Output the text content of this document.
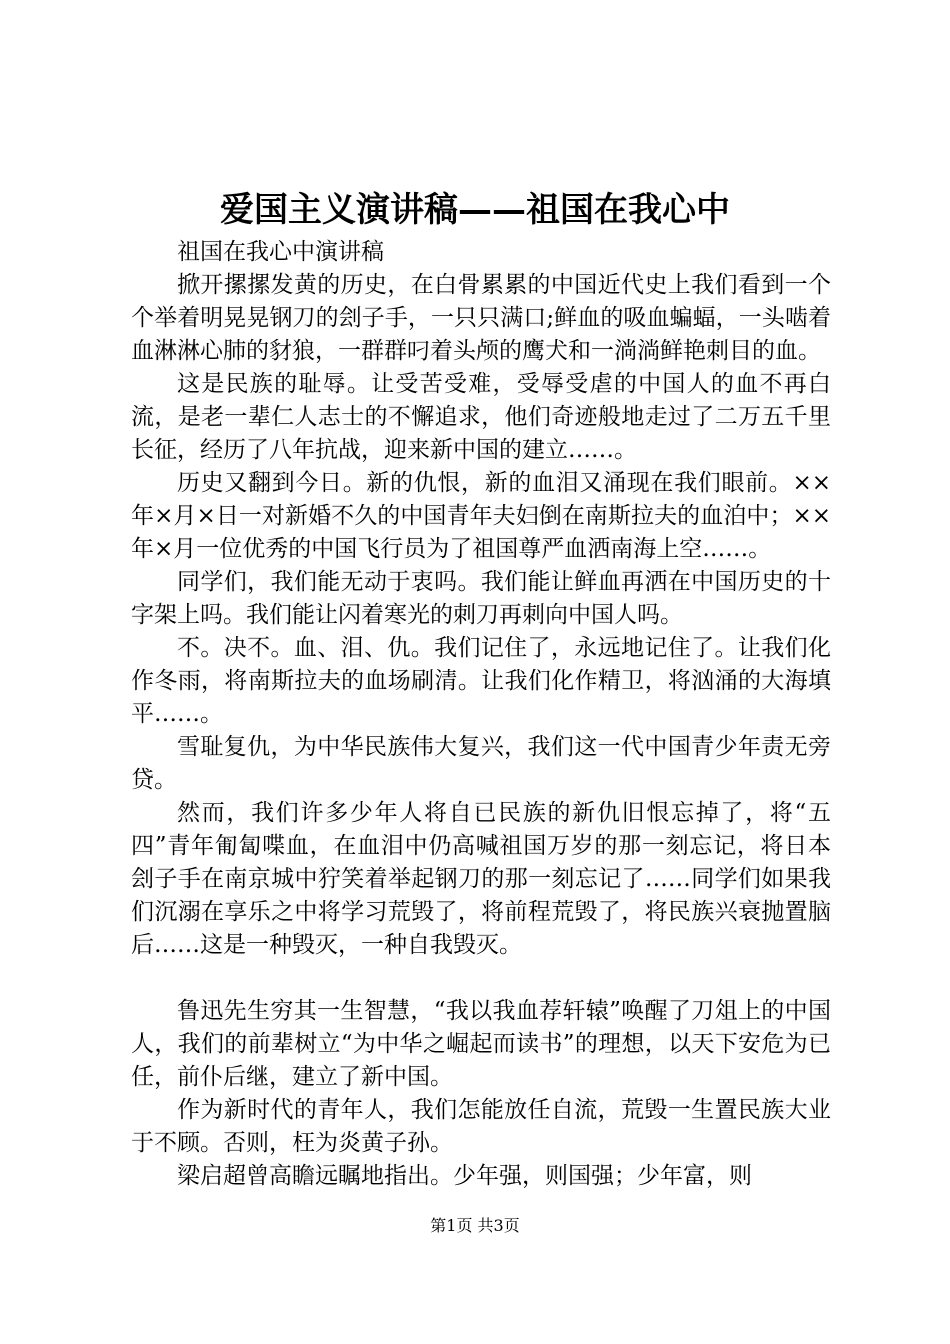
爱国主义演讲稿——祖国在我心中

祖国在我心中演讲稿

掀开摞摞发黄的历史，在白骨累累的中国近代史上我们看到一个个举着明晃晃钢刀的刽子手，一只只满口;鲜血的吸血蝙蝠，一头啮着血淋淋心肺的豺狼，一群群叼着头颅的鹰犬和一淌淌鲜艳刺目的血。

这是民族的耻辱。让受苦受难，受辱受虐的中国人的血不再白流，是老一辈仁人志士的不懈追求，他们奇迹般地走过了二万五千里长征，经历了八年抗战，迎来新中国的建立……。

历史又翻到今日。新的仇恨，新的血泪又涌现在我们眼前。××年×月×日一对新婚不久的中国青年夫妇倒在南斯拉夫的血泊中；××年×月一位优秀的中国飞行员为了祖国尊严血洒南海上空……。

同学们，我们能无动于衷吗。我们能让鲜血再洒在中国历史的十字架上吗。我们能让闪着寒光的刺刀再刺向中国人吗。

不。决不。血、泪、仇。我们记住了，永远地记住了。让我们化作冬雨，将南斯拉夫的血场刷清。让我们化作精卫，将汹涌的大海填平……。

雪耻复仇，为中华民族伟大复兴，我们这一代中国青少年责无旁贷。

然而，我们许多少年人将自已民族的新仇旧恨忘掉了，将“五四”青年匍匐喋血，在血泪中仍高喊祖国万岁的那一刻忘记，将日本刽子手在南京城中狞笑着举起钢刀的那一刻忘记了……同学们如果我们沉溺在享乐之中将学习荒毁了，将前程荒毁了，将民族兴衰抛置脑后……这是一种毁灭，一种自我毁灭。

鲁迅先生穷其一生智慧，“我以我血荐轩辕”唤醒了刀俎上的中国人，我们的前辈树立“为中华之崛起而读书”的理想，以天下安危为已任，前仆后继，建立了新中国。

作为新时代的青年人，我们怎能放任自流，荒毁一生置民族大业于不顾。否则，枉为炎黄子孙。

梁启超曾高瞻远瞩地指出。少年强，则国强；少年富，则

第1页 共3页
